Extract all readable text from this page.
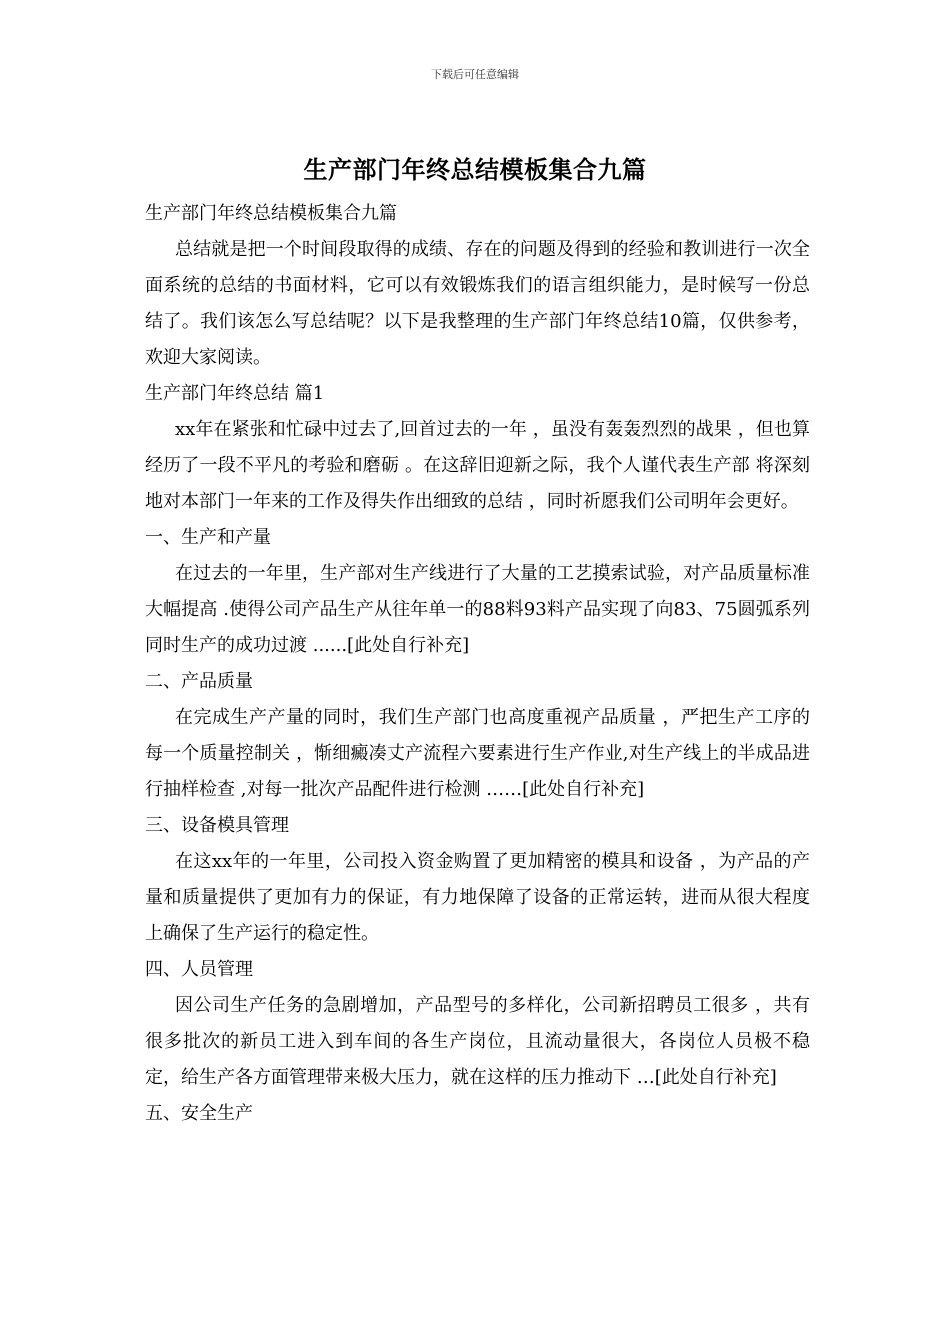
下载后可任意编辑
生产部门年终总结模板集合九篇

生产部门年终总结模板集合九篇

总结就是把一个时间段取得的成绩、存在的问题及得到的经验和教训进行一次全面系统的总结的书面材料，它可以有效锻炼我们的语言组织能力，是时候写一份总结了。我们该怎么写总结呢？以下是我整理的生产部门年终总结10篇，仅供参考，欢迎大家阅读。

生产部门年终总结 篇1

xx年在紧张和忙碌中过去了,回首过去的一年 ，虽没有轰轰烈烈的战果 ，但也算经历了一段不平凡的考验和磨砺 。在这辞旧迎新之际，我个人谨代表生产部 将深刻地对本部门一年来的工作及得失作出细致的总结 ，同时祈愿我们公司明年会更好。

一、生产和产量

在过去的一年里，生产部对生产线进行了大量的工艺摸索试验，对产品质量标准大幅提高 .使得公司产品生产从往年单一的88料93料产品实现了向83、75圆弧系列同时生产的成功过渡 ......[此处自行补充]

二、产品质量

在完成生产产量的同时，我们生产部门也高度重视产品质量 ，严把生产工序的每一个质量控制关 ，惭细癜凑丈产流程六要素进行生产作业,对生产线上的半成品进行抽样检查 ,对每一批次产品配件进行检测 ……[此处自行补充]

三、设备模具管理

在这xx年的一年里，公司投入资金购置了更加精密的模具和设备 ，为产品的产量和质量提供了更加有力的保证，有力地保障了设备的正常运转，进而从很大程度上确保了生产运行的稳定性。

四、人员管理

因公司生产任务的急剧增加，产品型号的多样化，公司新招聘员工很多 ，共有很多批次的新员工进入到车间的各生产岗位，且流动量很大，各岗位人员极不稳定，给生产各方面管理带来极大压力，就在这样的压力推动下 …[此处自行补充]

五、安全生产
